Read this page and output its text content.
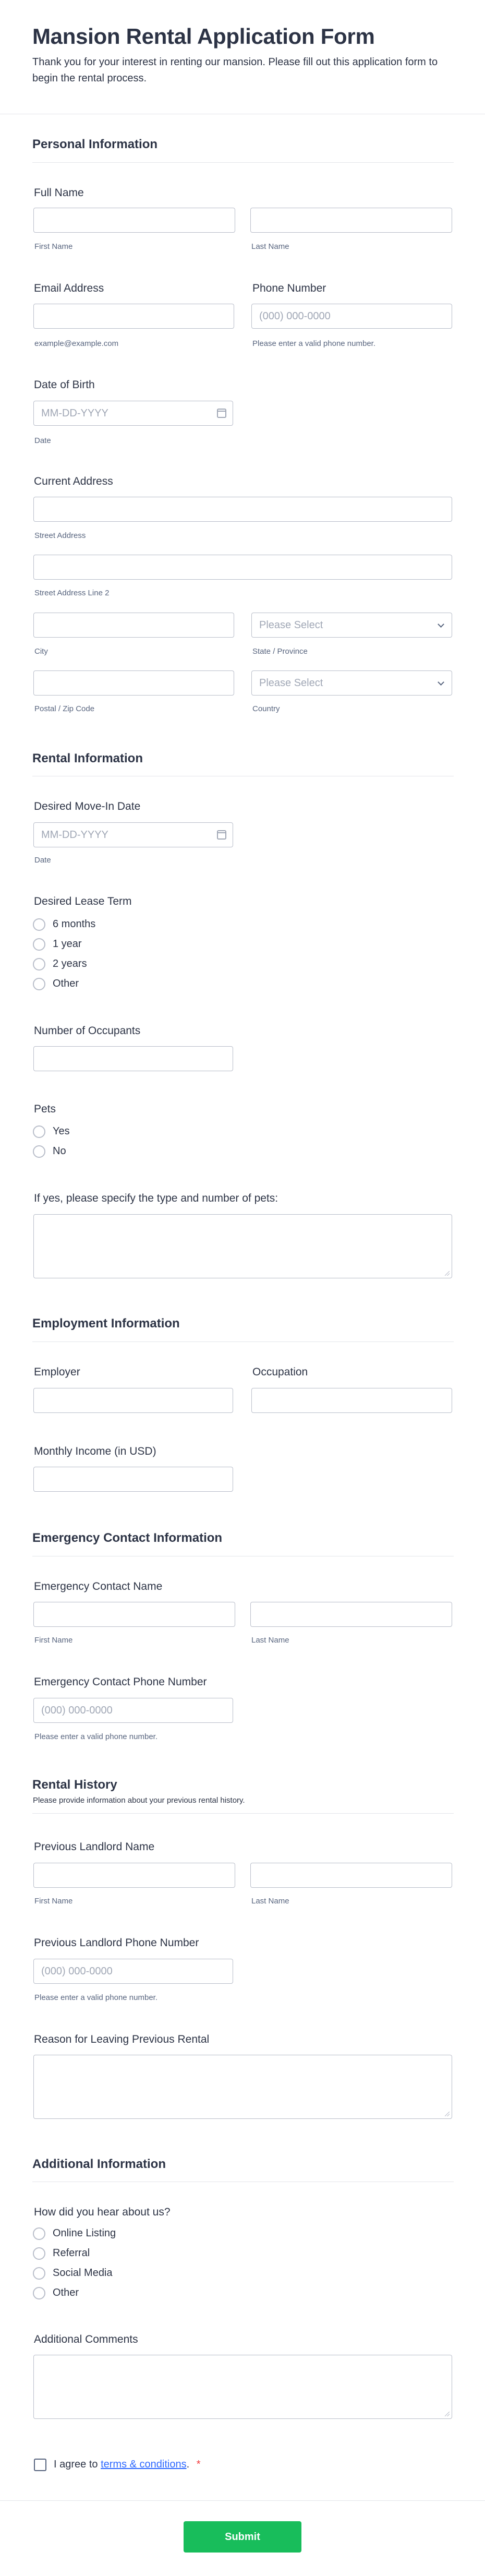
Mansion Rental Application Form
Thank you for your interest in renting our mansion. Please fill out this application form to begin the rental process.
Personal Information
Full Name
First Name	Last Name
Email Address
example@example.com
Phone Number
(000) 000-0000
Please enter a valid phone number.
Date of Birth
MM-DD-YYYY
Date
Current Address
Street Address
Street Address Line 2
City
Please Select
State / Province
Postal / Zip Code
Please Select
Country
Rental Information
Desired Move-In Date
MM-DD-YYYY
Date
Desired Lease Term
6 months
1 year
2 years
Other
Number of Occupants
Pets
Yes
No
If yes, please specify the type and number of pets:
Employment Information
Employer	Occupation
Monthly Income (in USD)
Emergency Contact Information
Emergency Contact Name
First Name	Last Name
Emergency Contact Phone Number
(000) 000-0000
Please enter a valid phone number.
Rental History
Please provide information about your previous rental history.
Previous Landlord Name
First Name	Last Name
Previous Landlord Phone Number
(000) 000-0000
Please enter a valid phone number.
Reason for Leaving Previous Rental
Additional Information
How did you hear about us?
Online Listing
Referral
Social Media
Other
Additional Comments
I agree to terms & conditions. *
Submit
